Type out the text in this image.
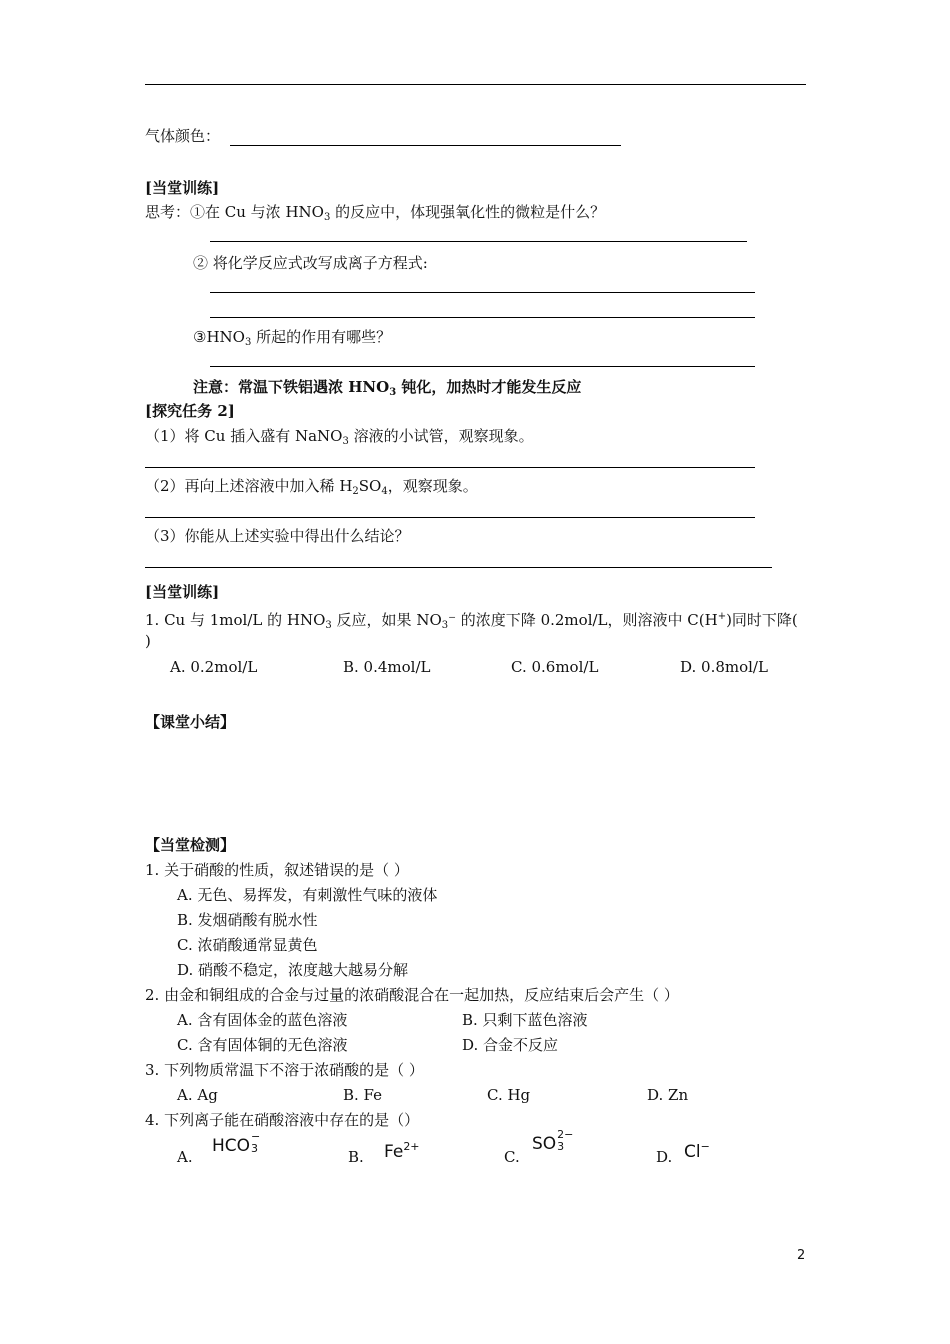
气体颜色：
[当堂训练]
思考：①在 Cu 与浓 $HNO_3$ 的反应中，体现强氧化性的微粒是什么？
② 将化学反应式改写成离子方程式:
$③HNO_3$ 所起的作用有哪些？
注意：常温下铁铝遇浓 $HNO_3$ 钝化，加热时才能发生反应
[探究任务 2]
（1）将 Cu 插入盛有 NaNO$_3$ 溶液的小试管，观察现象。
（2）再向上述溶液中加入稀 $H_2SO_4$，观察现象。
（3）你能从上述实验中得出什么结论？
[当堂训练]
1. Cu 与 1mol/L 的 $HNO_3$ 反应，如果 $NO_3^-$ 的浓度下降 0.2mol/L，则溶液中 C(H+)同时下降(
)
A. 0.2mol/L	B. 0.4mol/L	C. 0.6mol/L	D. 0.8mol/L
【课堂小结】
【当堂检测】
1. 关于硝酸的性质，叙述错误的是（ ）
A. 无色、易挥发，有刺激性气味的液体
B. 发烟硝酸有脱水性
C. 浓硝酸通常显黄色
D. 硝酸不稳定，浓度越大越易分解
2. 由金和铜组成的合金与过量的浓硝酸混合在一起加热，反应结束后会产生（ ）
A. 含有固体金的蓝色溶液	B. 只剩下蓝色溶液
C. 含有固体铜的无色溶液	D. 合金不反应
3. 下列物质常温下不溶于浓硝酸的是（ ）
A. Ag	B. Fe	C. Hg	D. Zn
4. 下列离子能在硝酸溶液中存在的是（）
A.
HCO −
3	B. $Fe^{2+}$
C.
SO 2−
3
D. Cl−
2
